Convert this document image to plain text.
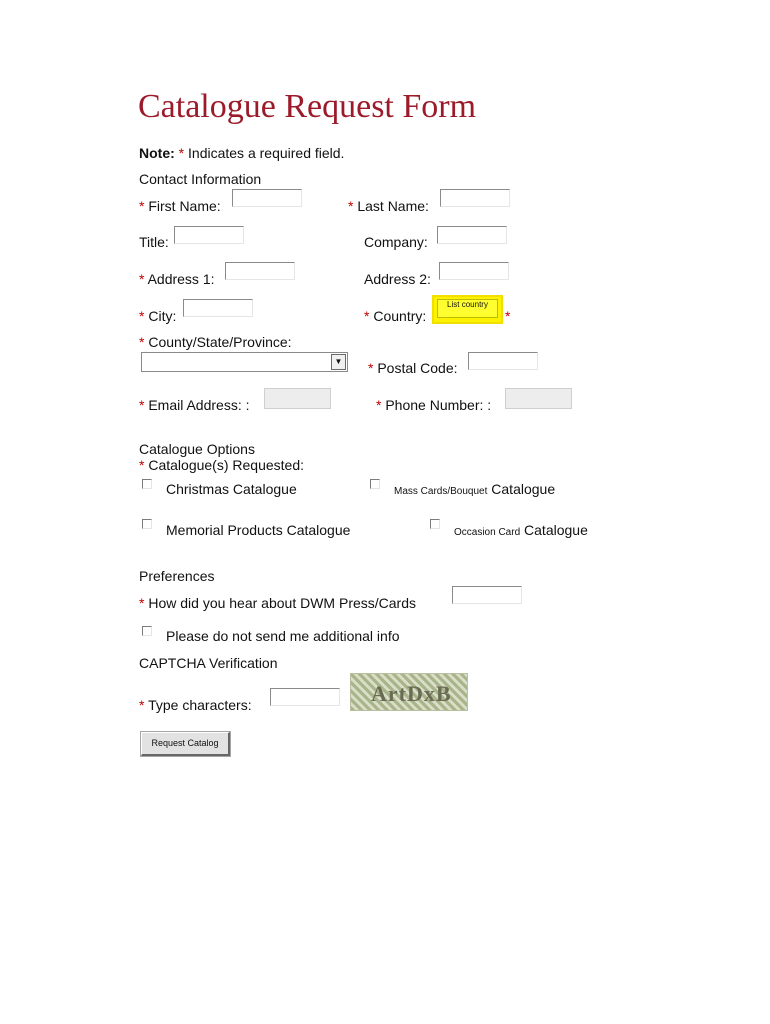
Catalogue Request Form
Note: * Indicates a required field.
Contact Information
* First Name:	* Last Name:
Title:	Company:
* Address 1:	Address 2:
* City:	* Country:
List country
*
* County/State/Province:
▼ * Postal Code:
* Email Address: :	* Phone Number: :
Catalogue Options
* Catalogue(s) Requested:
Christmas Catalogue	Mass Cards/Bouquet Catalogue
Memorial Products Catalogue	Occasion Card Catalogue
Preferences
* How did you hear about DWM Press/Cards
Please do not send me additional info
CAPTCHA Verification
* Type characters:	ArtDxB
Request Catalog
